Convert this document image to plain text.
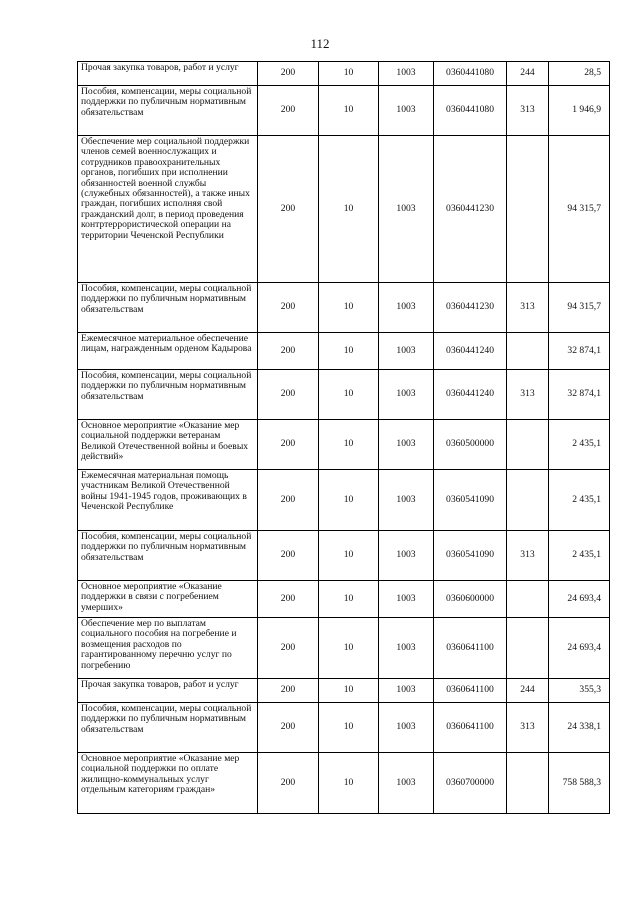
112
Прочая закупка товаров, работ и услуг	200	10	1003	0360441080	244	28,5
Пособия, компенсации, меры социальной поддержки по публичным нормативным обязательствам	200	10	1003	0360441080	313	1 946,9
Обеспечение мер социальной поддержки членов семей военнослужащих и сотрудников правоохранительных органов, погибших при исполнении обязанностей военной службы (служебных обязанностей), а также иных граждан, погибших исполняя свой гражданский долг, в период проведения контртеррористической операции на территории Чеченской Республики	200	10	1003	0360441230		94 315,7
Пособия, компенсации, меры социальной поддержки по публичным нормативным обязательствам	200	10	1003	0360441230	313	94 315,7
Ежемесячное материальное обеспечение лицам, награжденным орденом Кадырова	200	10	1003	0360441240		32 874,1
Пособия, компенсации, меры социальной поддержки по публичным нормативным обязательствам	200	10	1003	0360441240	313	32 874,1
Основное мероприятие «Оказание мер социальной поддержки ветеранам Великой Отечественной войны и боевых действий»	200	10	1003	0360500000		2 435,1
Ежемесячная материальная помощь участникам Великой Отечественной войны 1941-1945 годов, проживающих в Чеченской Республике	200	10	1003	0360541090		2 435,1
Пособия, компенсации, меры социальной поддержки по публичным нормативным обязательствам	200	10	1003	0360541090	313	2 435,1
Основное мероприятие «Оказание поддержки в связи с погребением умерших»	200	10	1003	0360600000		24 693,4
Обеспечение мер по выплатам социального пособия на погребение и возмещения расходов по гарантированному перечню услуг по погребению	200	10	1003	0360641100		24 693,4
Прочая закупка товаров, работ и услуг	200	10	1003	0360641100	244	355,3
Пособия, компенсации, меры социальной поддержки по публичным нормативным обязательствам	200	10	1003	0360641100	313	24 338,1
Основное мероприятие «Оказание мер социальной поддержки по оплате жилищно-коммунальных услуг отдельным категориям граждан»	200	10	1003	0360700000		758 588,3
